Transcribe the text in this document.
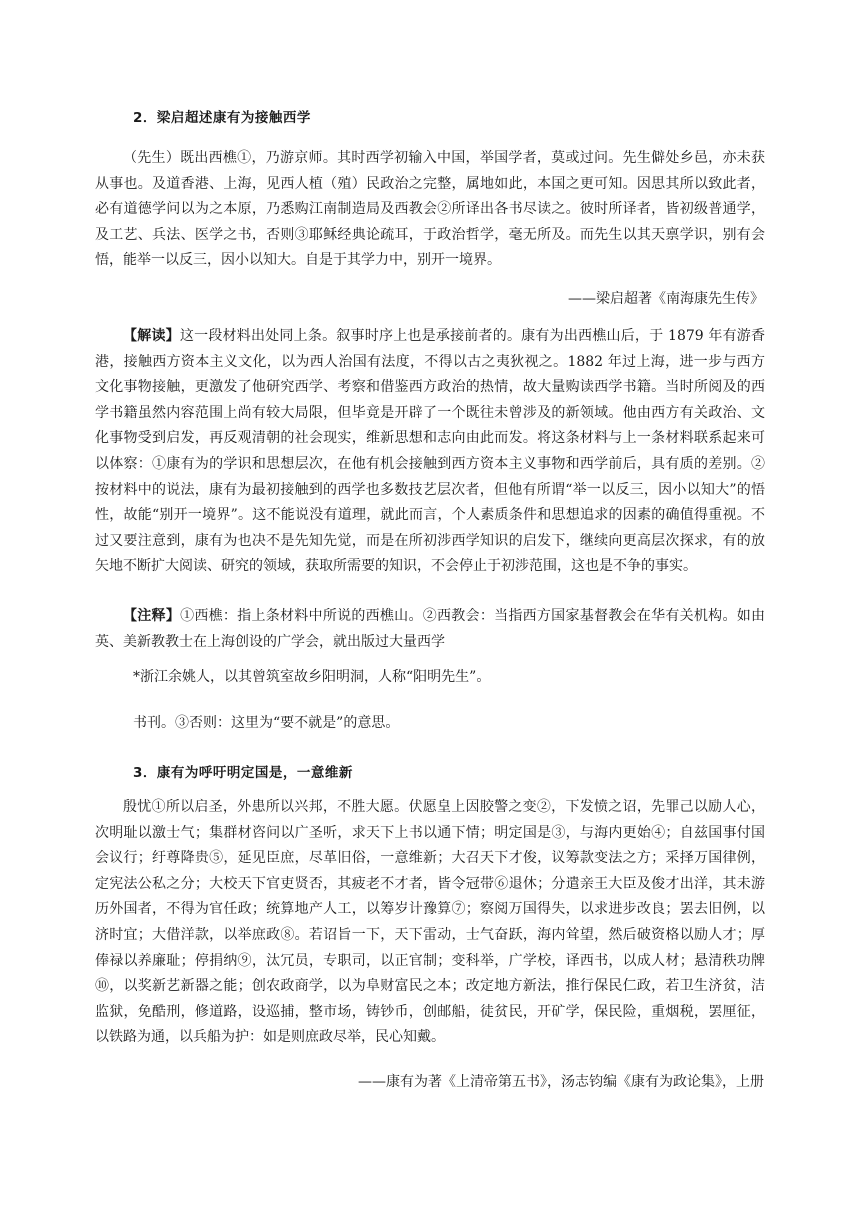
2．梁启超述康有为接触西学

（先生）既出西樵①，乃游京师。其时西学初输入中国，举国学者，莫或过问。先生僻处乡邑，亦未获从事也。及道香港、上海，见西人植（殖）民政治之完整，属地如此，本国之更可知。因思其所以致此者，必有道德学问以为之本原，乃悉购江南制造局及西教会②所译出各书尽读之。彼时所译者，皆初级普通学，及工艺、兵法、医学之书，否则③耶稣经典论疏耳，于政治哲学，毫无所及。而先生以其天禀学识，别有会悟，能举一以反三，因小以知大。自是于其学力中，别开一境界。

——梁启超著《南海康先生传》

【解读】这一段材料出处同上条。叙事时序上也是承接前者的。康有为出西樵山后，于 1879 年有游香港，接触西方资本主义文化，以为西人治国有法度，不得以古之夷狄视之。1882 年过上海，进一步与西方文化事物接触，更激发了他研究西学、考察和借鉴西方政治的热情，故大量购读西学书籍。当时所阅及的西学书籍虽然内容范围上尚有较大局限，但毕竟是开辟了一个既往未曾涉及的新领域。他由西方有关政治、文化事物受到启发，再反观清朝的社会现实，维新思想和志向由此而发。将这条材料与上一条材料联系起来可以体察：①康有为的学识和思想层次，在他有机会接触到西方资本主义事物和西学前后，具有质的差别。②按材料中的说法，康有为最初接触到的西学也多数技艺层次者，但他有所谓“举一以反三，因小以知大”的悟性，故能“别开一境界”。这不能说没有道理，就此而言，个人素质条件和思想追求的因素的确值得重视。不过又要注意到，康有为也决不是先知先觉，而是在所初涉西学知识的启发下，继续向更高层次探求，有的放矢地不断扩大阅读、研究的领域，获取所需要的知识，不会停止于初涉范围，这也是不争的事实。

【注释】①西樵：指上条材料中所说的西樵山。②西教会：当指西方国家基督教会在华有关机构。如由英、美新教教士在上海创设的广学会，就出版过大量西学

*浙江余姚人，以其曾筑室故乡阳明洞，人称“阳明先生”。
书刊。③否则：这里为“要不就是”的意思。
3．康有为呼吁明定国是，一意维新

殷忧①所以启圣，外患所以兴邦，不胜大愿。伏愿皇上因胶警之变②，下发愤之诏，先罪己以励人心，次明耻以激士气；集群材咨问以广圣听，求天下上书以通下情；明定国是③，与海内更始④；自兹国事付国会议行；纡尊降贵⑤，延见臣庶，尽革旧俗，一意维新；大召天下才俊，议筹款变法之方；采择万国律例，定宪法公私之分；大校天下官吏贤否，其疲老不才者，皆令冠带⑥退休；分遣亲王大臣及俊才出洋，其未游历外国者，不得为官任政；统算地产人工，以筹岁计豫算⑦；察阅万国得失，以求进步改良；罢去旧例，以济时宜；大借洋款，以举庶政⑧。若诏旨一下，天下雷动，士气奋跃，海内耸望，然后破资格以励人才；厚俸禄以养廉耻；停捐纳⑨，汰冗员，专职司，以正官制；变科举，广学校，译西书，以成人材；悬清秩功牌⑩，以奖新艺新器之能；创农政商学，以为阜财富民之本；改定地方新法，推行保民仁政，若卫生济贫，洁监狱，免酷刑，修道路，设巡捕，整市场，铸钞币，创邮船，徒贫民，开矿学，保民险，重烟税，罢厘征，以铁路为通，以兵船为护：如是则庶政尽举，民心知戴。

——康有为著《上清帝第五书》，汤志钧编《康有为政论集》，上册
